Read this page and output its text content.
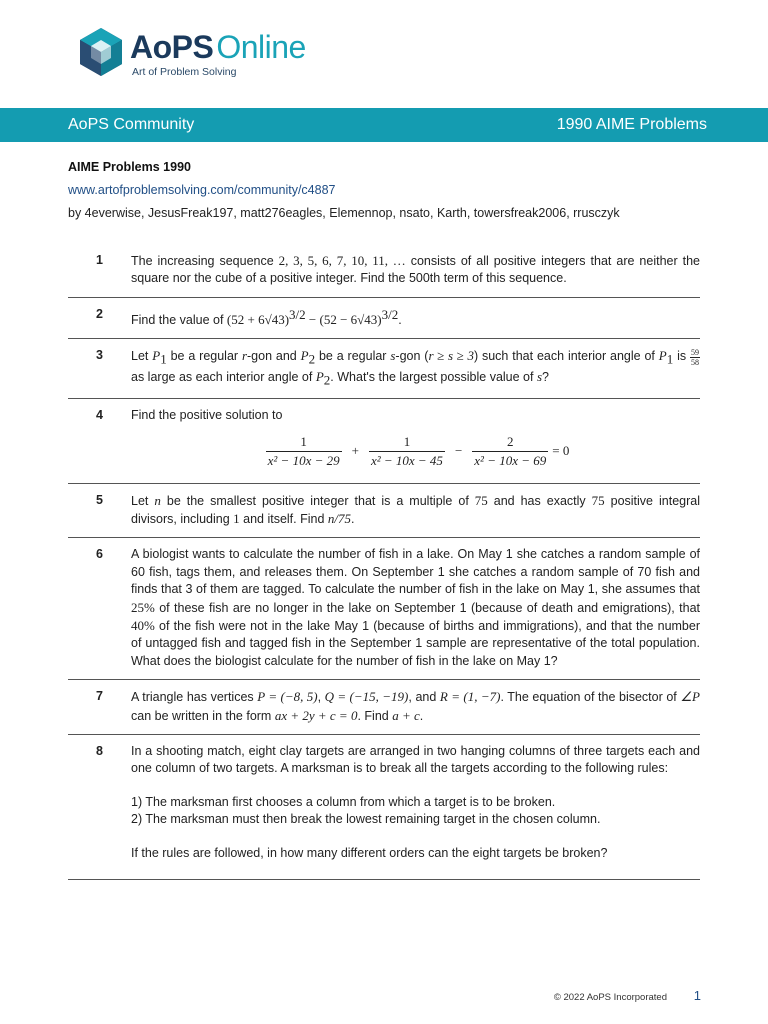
AoPSOnline
Art of Problem Solving
AoPS Community	1990 AIME Problems
AIME Problems 1990
www.artofproblemsolving.com/community/c4887
by 4everwise, JesusFreak197, matt276eagles, Elemennop, nsato, Karth, towersfreak2006, rrusczyk
1	The increasing sequence 2, 3, 5, 6, 7, 10, 11, … consists of all positive integers that are neither the square nor the cube of a positive integer. Find the 500th term of this sequence.
2	Find the value of $(52 + 6√43)^{3/2} - (52 - 6√43)^{3/2}$.
3	Let $P_1$ be a regular r-gon and $P_2$ be a regular s-gon (r ≥ s ≥ 3) such that each interior angle of $P_1$ is $\frac{59}{58}$
as large as each interior angle of $P_2$. What's the largest possible value of s?
4	Find the positive solution to
1
x² − 10x − 29
+ $\frac{1}{\text{x² − 10x − 45}} - \frac{2}{\text{x² − 10x − 69}} = 0$
5	Let n be the smallest positive integer that is a multiple of 75 and has exactly 75 positive integral divisors, including 1 and itself. Find n/75.
6	A biologist wants to calculate the number of fish in a lake. On May 1 she catches a random sample of 60 fish, tags them, and releases them. On September 1 she catches a random sample of 70 fish and finds that 3 of them are tagged. To calculate the number of fish in the lake on May 1, she assumes that 25% of these fish are no longer in the lake on September 1 (because of death and emigrations), that 40% of the fish were not in the lake May 1 (because of births and immigrations), and that the number of untagged fish and tagged fish in the September 1 sample are representative of the total population. What does the biologist calculate for the number of fish in the lake on May 1?
7	A triangle has vertices P = (−8, 5), Q = (−15, −19), and R = (1, −7). The equation of the bisector of ∠P can be written in the form ax + 2y + c = 0. Find a + c.
8	In a shooting match, eight clay targets are arranged in two hanging columns of three targets each and one column of two targets. A marksman is to break all the targets according to the following rules:
1) The marksman first chooses a column from which a target is to be broken.
2) The marksman must then break the lowest remaining target in the chosen column.
If the rules are followed, in how many different orders can the eight targets be broken?
© 2022 AoPS Incorporated 1
